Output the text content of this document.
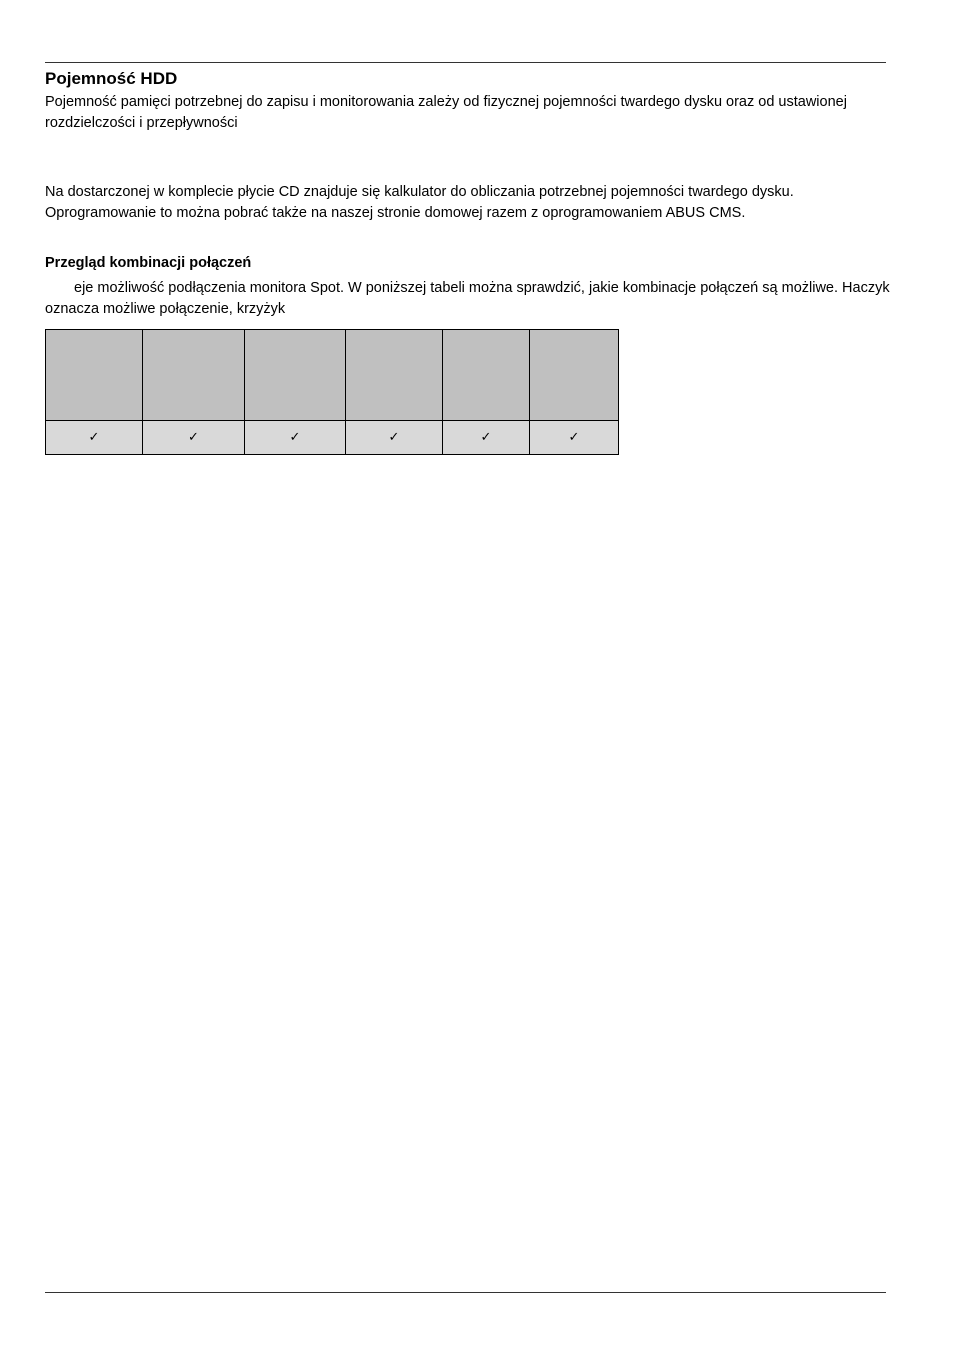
Pojemność HDD

Pojemność pamięci potrzebnej do zapisu i monitorowania zależy od fizycznej pojemności twardego dysku oraz od ustawionej rozdzielczości i przepływności

Na dostarczonej w komplecie płycie CD znajduje się kalkulator do obliczania potrzebnej pojemności twardego dysku. Oprogramowanie to można pobrać także na naszej stronie domowej razem z oprogramowaniem ABUS CMS.

Przegląd kombinacji połączeń

eje możliwość podłączenia monitora Spot. W poniższej tabeli można sprawdzić, jakie kombinacje połączeń są możliwe. Haczyk oznacza możliwe połączenie, krzyżyk

✓	✓	✓	✓	✓	✓
